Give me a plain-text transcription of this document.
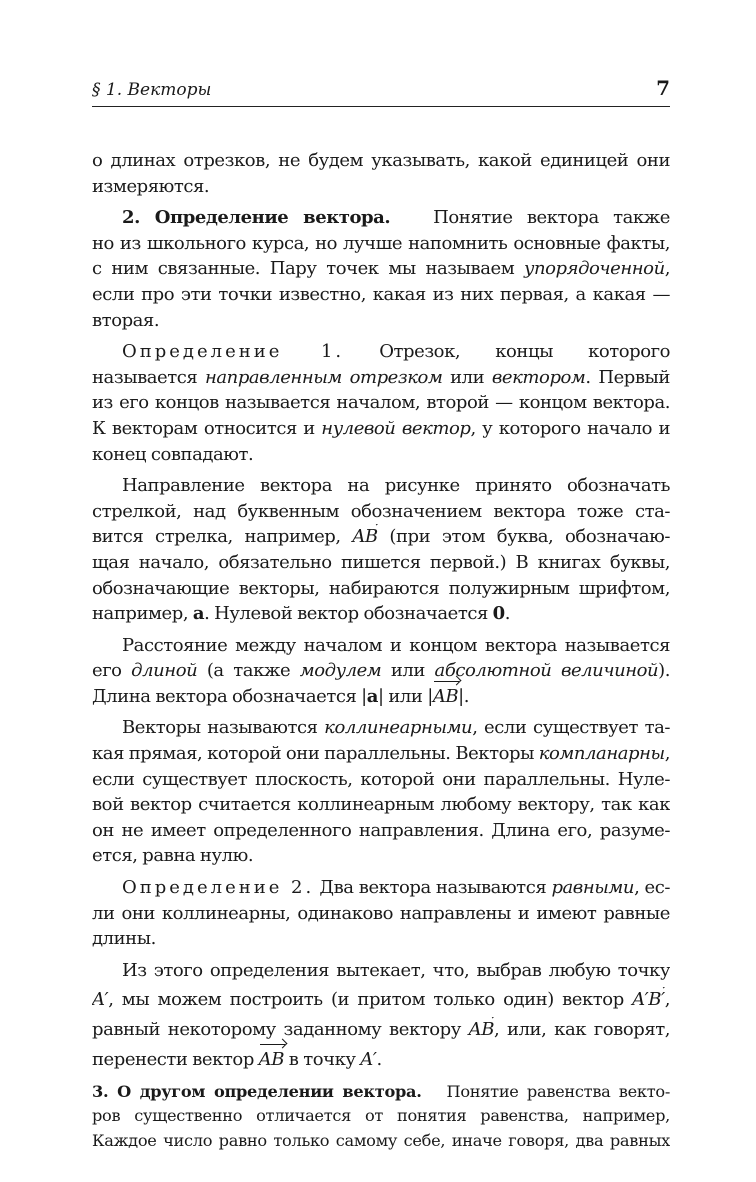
§ 1. Векторы	7
о длинах отрезков, не будем указывать, какой единицей они
измеряются.
2. Определение вектора. Понятие вектора также
но из школьного курса, но лучше напомнить основные факты,
с ним связанные. Пару точек мы называем упорядоченной,
если про эти точки известно, какая из них первая, а какая —
вторая.
Определение 1. Отрезок, концы которого
называется направленным отрезком или вектором. Первый
из его концов называется началом, второй — концом вектора.
К векторам относится и нулевой вектор, у которого начало и
конец совпадают.
Направление вектора на рисунке принято обозначать
стрелкой, над буквенным обозначением вектора тоже ста-
вится стрелка, например, AB (при этом буква, обозначаю-
щая начало, обязательно пишется первой.) В книгах буквы,
обозначающие векторы, набираются полужирным шрифтом,
например, a. Нулевой вектор обозначается 0.
Расстояние между началом и концом вектора называется
его длиной (а также модулем или абсолютной величиной).
Длина вектора обозначается |a| или |AB|.
Векторы называются коллинеарными, если существует та-
кая прямая, которой они параллельны. Векторы компланарны,
если существует плоскость, которой они параллельны. Нуле-
вой вектор считается коллинеарным любому вектору, так как
он не имеет определенного направления. Длина его, разуме-
ется, равна нулю.
Определение 2. Два вектора называются равными, ес-
ли они коллинеарны, одинаково направлены и имеют равные
длины.
Из этого определения вытекает, что, выбрав любую точку
A′, мы можем построить (и притом только один) вектор A′B′,
равный некоторому заданному вектору AB, или, как говорят,
перенести вектор AB в точку A′.
3. О другом определении вектора. Понятие равенства векто-
ров существенно отличается от понятия равенства, например,
Каждое число равно только самому себе, иначе говоря, два равных
